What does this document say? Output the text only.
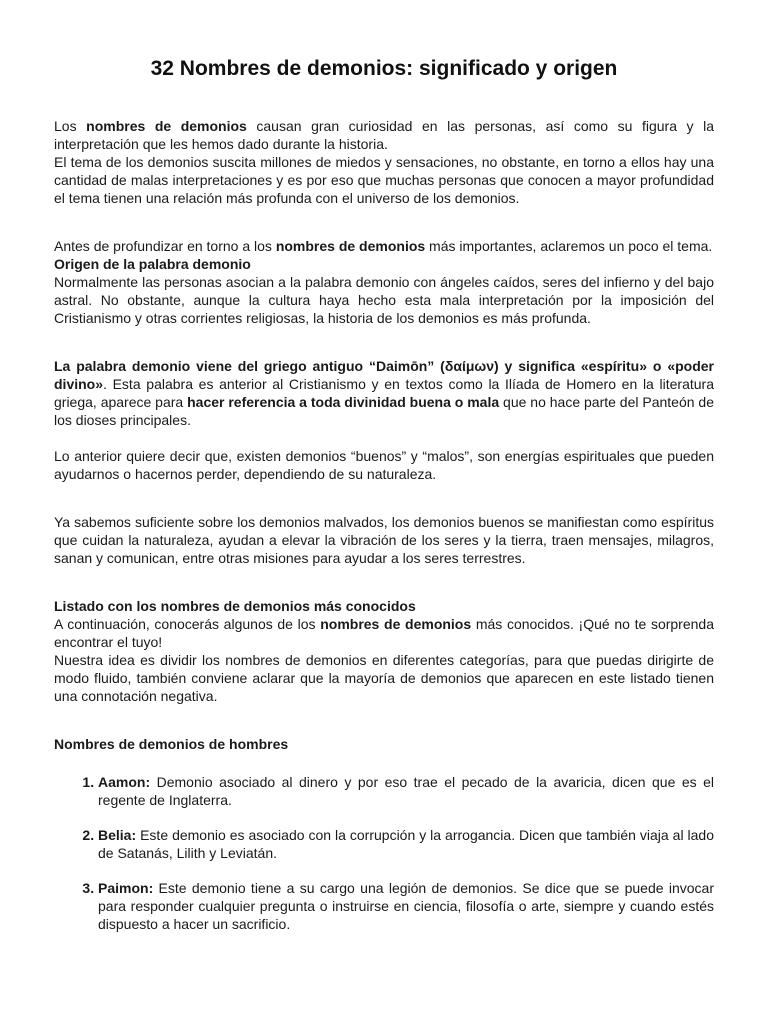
32 Nombres de demonios: significado y origen

Los nombres de demonios causan gran curiosidad en las personas, así como su figura y la interpretación que les hemos dado durante la historia.

El tema de los demonios suscita millones de miedos y sensaciones, no obstante, en torno a ellos hay una cantidad de malas interpretaciones y es por eso que muchas personas que conocen a mayor profundidad el tema tienen una relación más profunda con el universo de los demonios.

Antes de profundizar en torno a los nombres de demonios más importantes, aclaremos un poco el tema.

Origen de la palabra demonio

Normalmente las personas asocian a la palabra demonio con ángeles caídos, seres del infierno y del bajo astral. No obstante, aunque la cultura haya hecho esta mala interpretación por la imposición del Cristianismo y otras corrientes religiosas, la historia de los demonios es más profunda.

La palabra demonio viene del griego antiguo “Daimōn” (δαίμων) y significa «espíritu» o «poder divino». Esta palabra es anterior al Cristianismo y en textos como la Ilíada de Homero en la literatura griega, aparece para hacer referencia a toda divinidad buena o mala que no hace parte del Panteón de los dioses principales.

Lo anterior quiere decir que, existen demonios “buenos” y “malos”, son energías espirituales que pueden ayudarnos o hacernos perder, dependiendo de su naturaleza.

Ya sabemos suficiente sobre los demonios malvados, los demonios buenos se manifiestan como espíritus que cuidan la naturaleza, ayudan a elevar la vibración de los seres y la tierra, traen mensajes, milagros, sanan y comunican, entre otras misiones para ayudar a los seres terrestres.

Listado con los nombres de demonios más conocidos

A continuación, conocerás algunos de los nombres de demonios más conocidos. ¡Qué no te sorprenda encontrar el tuyo!

Nuestra idea es dividir los nombres de demonios en diferentes categorías, para que puedas dirigirte de modo fluido, también conviene aclarar que la mayoría de demonios que aparecen en este listado tienen una connotación negativa.

Nombres de demonios de hombres

1. Aamon: Demonio asociado al dinero y por eso trae el pecado de la avaricia, dicen que es el regente de Inglaterra.
2. Belia: Este demonio es asociado con la corrupción y la arrogancia. Dicen que también viaja al lado de Satanás, Lilith y Leviatán.
3. Paimon: Este demonio tiene a su cargo una legión de demonios. Se dice que se puede invocar para responder cualquier pregunta o instruirse en ciencia, filosofía o arte, siempre y cuando estés dispuesto a hacer un sacrificio.
